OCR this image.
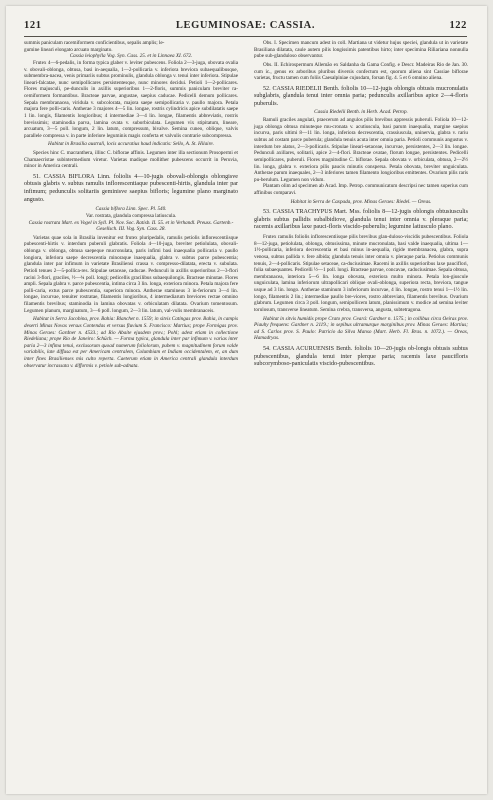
121	LEGUMINOSAE: CASSIA.	122

summis paniculam racemiformem conficientibus, sepalis amplis; le-

gumine lineari elongato arcuato marginato.

Cassia leiophylla Vog. Syn. Cass. 25. et in Linnaea XI. 672.

Frutex 4—6-pedalis, in forma typica glaber v. leviter pubescens. Foliola 2—3-juga, obovata ovalia v. obovali-oblonga, obtusa, basi in-aequalia, 1—2-pollicaria v. inferiora breviora subaequalibusque, submembra-nacea, venis primariis subtus prominulis, glandula oblonga v. tenui inter inferiora. Stipulae lineari-falcatae, nunc semipollicares persistentesque, nunc minores decidui. Petioli 1—2-pollicares. Flores majusculi, pe-dunculis in axillis superioribus 1—2-floris, summis paniculam breviter ra-cemiformem formantibus. Bracteae parvae, angustae, saepius caducae. Pedicelli demum pollicares. Sepala membranacea, viridula v. subcolorata, majora saepe semipollicaria v. paullo majora. Petala majora fere polli-caris. Antherae 3 majores 4—5 lin. longae, rostris cylindricis apice subdilatatis saepe 1 lin. longis, filamentis longioribus; 4 intermediae 3—4 lin. longae, filamentis abbreviatis, rostris brevissimis; staminodia parva, lamina ovata v. suborbiculata. Legumen vix stipitatum, lineare, arcuatum, 3—5 poll. longum, 2 lin. latum, compressum, bivalve. Semina cuneo, oblique, valvis parallele compressa v. in parte inferiore leguminis magis conferta et valvulis contrarie subcompressa.

Habitat in Brasilia australi, locis accuratius haud indicatis: Sello, A. St. Hilaire.

Species hinc C. macranthera, illinc C. biflorae affinis. Legumen inter illa sectionum Prosopermi et Chamaecristae subintermedium viretur. Varietas madique mollither pubescens occurrit in Peruvia, minor in America centrali.

51. CASSIA BIFLORA Linn. foliolis 4—10-jugis obovali-oblongis oblongisve obtusis glabris v. subtus ramulis inflorescentiaque pubescenti-hirtis, glandula inter par infimum; pedunculis solitariis geminisve saepius bifloris; legumine plano marginato angusto.

Cassia biflora Linn. Spec. Pl. 540.

Var. rostrata, glandula compressa latiuscula.

Cassia rostrata Mart. ex Vogel in Syll. Pl. Nov. Soc. Ratisb. II. 55. et in Verhandl. Preuss. Gartenb.-Gesellsch. III. Vog. Syn. Cass. 28.

Varietas quae sola in Brasilia invenitur est frutex pluripedalis, ramulis petiolis inflorescentiisque pubescenti-hirtis v. interdum puberuli glabratis. Foliola 4—10-juga, breviter petiolulata, obovali-oblonga v. oblonga, obtusa saepeque mucronulata, paris infimi basi inaequalia pollicaria v. paullo longiora, inferiora saepe decrescentia minoraque inaequalia, glabra v. subtus parce pubescentia; glandula inter par infimum in varietate Brasiliensi crassa v. compresso-dilatata, erecta v. subulata. Petioli tenues 2—5-pollica-res. Stipulae setaceae, caducae. Pedunculi in axillis superioribus 2—3-flori racini 3-flori, graciles, ½—¾ poll. longi; pedicellis gracilibus subaequilongis. Bracteae minutae. Flores ampli. Sepala glabra v. parce pubescentia, intima circa 3 lin. longa, exteriora minora. Petala majora fere polli-caria, extus parce pubescentia, superiora minora. Antherae stamineus 3 in-feriorum 3—4 lin. longae, incurvae, tenuiter rostratae, filamentis longioribus, 4 intermediarum breviores rectae omnino filamentis brevibus; staminodia in lamina obovatas v. orbiculatam dilatata. Ovarium tomentosum. Legumen planum, marginatum, 3—6 poll. longum, 2—3 lin. latum, val-vulis membranaceis.

Habitat in Serra Jacobina, prov. Bahia: Blanchet n. 1559; in sitvis Catingas prov. Bahia, in campis deserti Minas Novas versus Contendas et versus fluvium S. Francisco: Martius; prope Formigas prov. Minas Geraes: Gardner n. 4533.; ad Rio Abaite ejusdem prov.; Pohl; adest etiam in collectione Riedeliana; prope Rio de Janeiro: Schüch. — Forma typica, glandula inter par infimum v. varias inter paria 2—3 infima tenui, exclusorum quoad numerum foliolorum, pubem v. magnitudinem forum valde variabilis, late diffusa est per Americam centralem, Columbiam et Indiam occidentalem, et, an dum inter fines Brasilienses mis culto reperta. Caeterum etiam in America centrali glandula interdum observatur incrassata v. difformis v. petiole sub-adnata.

Obs. I. Specimen mancum adest in coll. Martiana ut videtur hujus speciei, glandula ut in varietate Brasiliana dilatata, caule autem pilis longissimis patentibus hirto; inter specimina Riliariana nonnulla pube sub-glanduloso observantur.

Obs. II. Echirospermum Allemão ex Saldanha da Gama Config. e Descr. Madeiras Rio de Jan. 30. cum ic., genus ex arboribus pluribus diversis confectum est, quorum aliena sint Cassiae bifloraе varietas, fructu tamen cum foliis Caesalpiniae cujusdam, forsan fig. 4. 5 et 6 omnino aliena.

52. CASSIA RIEDELII Benth. foliolis 10—12-jugis oblongis obtusis mucronulatis subglabris, glandula tenui inter omnia paria; pedunculis axillaribus apice 2—4-floris puberulis.

Cassia Riedelii Benth. in Herb. Acad. Petrop.

Ramuli graciles angulati, praecerum ad angulos pilis brevibus appressis puberuli. Foliola 10—12-juga oblonga obtusa minuteque mu-cronata v. acutiuscula, basi parum inaequalia, margine saepius incurva, paris ultimi 8—11 lin. longa, inferiora decrescentia, crassiuscula, uninervia, glabra v. rariu subtus ad costam parce puberula; glandula tenuis acuta inter omnia paria. Petioli communis angustus v. interdum bre alatus, 2—3-pollicaris. Stipulae lineari-setaceae, incurvae, persistentes, 2—3 lin. longae. Pedunculi axillares, solitarii, apice 2—4-flori. Bracteae ovatae, florum longae, persistentes. Pedicelli semipollicares, puberuli. Flores magnitudine C. biflorae. Sepala obovata v. orbiculata, obtusa, 2—2½ lin. longa, glabra v. exteriora pilis paucis minutis conspersa. Petala obovata, breviter unguiculata. Antherae parum inaequales, 2—3 inferiores tamen filamento longioribus emittentes. Ovarium pilis raris pu-berulum. Legumen non vidum.

Plantam olim ad specimen ab Acad. Imp. Petrop. communicatum descripsi nec tamen superius cum affinibus comparavi.

Habitat in Serra de Caxpada, prov. Minas Geraes: Riedel. — Oreas.

53. CASSIA TRACHYPUS Mart. Mss. foliolis 8—12-jugis oblongis obtusiusculis glabris subtus pallidis subalbidiove, glandula tenui inter omnia v. pleraque paria; racemis axillaribus laxe pauci-floris viscido-puberulis; legumine latiusculo plano.

Frutex ramulis foliolis inflorescentiisque pilis brevibus glan-duloso-viscidis pubescentibus. Foliola 8—12-juga, petiolulata, oblonga, obtusissima, minute mucronulata, basi valde inaequalia, ultima 1—1½-pollicaria, inferiora decrescentia et basi minus in-aequalia, rigide membranacea, glabra, supra venosa, subtus pallida v. fere albida; glandula tenuis inter omnia v. pleraque paria. Petiolus communis tenuis, 2—4-pollicaris. Stipulae setaceae, ca-duciusimae. Racemi in axillis superioribus laxe pauciflori, folia subaequantes. Pedicelli ½—1 poll. longi. Bracteae parvae, concavae, caduciusimae. Sepala obtusa, membranacea, interiora 5—6 lin. longa obovata, exteriora multo minora. Petala lon-giuscule unguiculata, lamina inferiorum ultrapollicari oblique ovali-oblonga, superiora recta, breviora, tangue usque ad 3 lin. longo. Antherae staminum 3 inferiorum incurvae, 4 lin. longae, rostro tenui 1—1½ lin. longo, filamentis 2 lin.; intermediae paullo bre-viores, rostro abbreviato, filamentis brevibus. Ovarium glabrum. Legumen circa 3 poll. longum, semipollicem latum, planissimum v. modice ad semina leviter torulosum, transverse lineatum. Semina crebra, transversa, angusta, subtetragona.

Habitat in sitvis humidis prope Crato prov. Ceará: Gardner n. 1575.; in collibus circa Oeiras prov. Piauhy frequens: Gardner n. 2119.; in sepibus ultramurque marginibus prov. Minas Geraes: Martius; ad S. Carlos prov. S. Paulo: Patricio da Silva Manso (Mart. Herb. Fl. Bras. n. 1072.). — Oreas, Hamadryas.

54. CASSIA ACURUENSIS Benth. foliolis 10—20-jugis ob-longis obtusis subtus pubescentibus, glandula tenui inter plerque paria; racemis laxe paucifloris subcorymboso-paniculatis viscido-pubescentibus.
